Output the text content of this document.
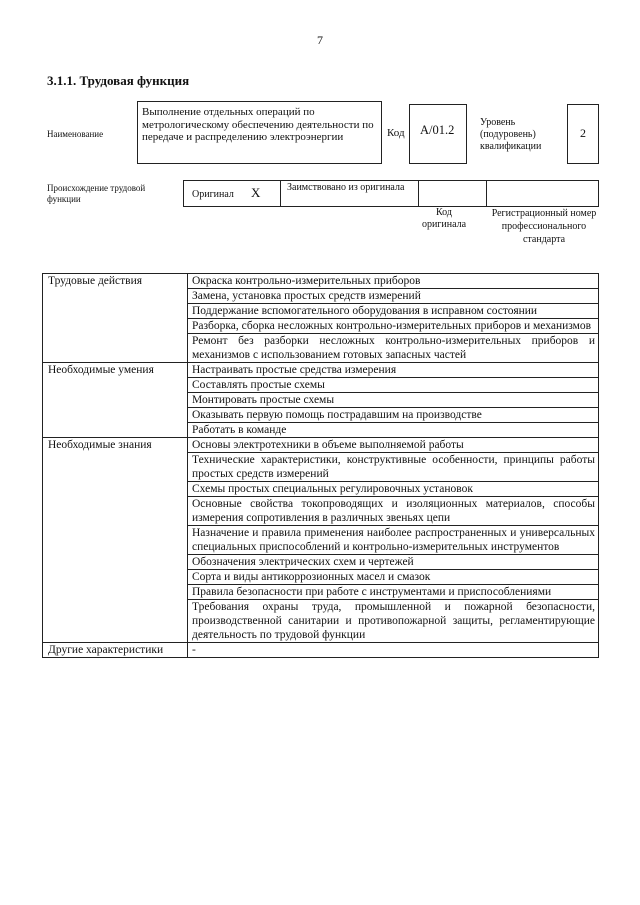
7
3.1.1. Трудовая функция
Наименование
Выполнение отдельных операций по метрологическому обеспечению деятельности по передаче и распределению электроэнергии	Код	A/01.2
Уровень (подуровень) квалификации
2
Происхождение трудовой функции	Оригинал X	Заимствовано из оригинала
Код оригинала
Регистрационный номер профессионального стандарта
Трудовые действия	Окраска контрольно-измерительных приборов
	Замена, установка простых средств измерений
	Поддержание вспомогательного оборудования в исправном состоянии
	Разборка, сборка несложных контрольно-измерительных приборов и механизмов
	Ремонт без разборки несложных контрольно-измерительных приборов и механизмов с использованием готовых запасных частей
Необходимые умения	Настраивать простые средства измерения
	Составлять простые схемы
	Монтировать простые схемы
	Оказывать первую помощь пострадавшим на производстве
	Работать в команде
Необходимые знания	Основы электротехники в объеме выполняемой работы
	Технические характеристики, конструктивные особенности, принципы работы простых средств измерений
	Схемы простых специальных регулировочных установок
	Основные свойства токопроводящих и изоляционных материалов, способы измерения сопротивления в различных звеньях цепи
	Назначение и правила применения наиболее распространенных и универсальных специальных приспособлений и контрольно-измерительных инструментов
	Обозначения электрических схем и чертежей
	Сорта и виды антикоррозионных масел и смазок
	Правила безопасности при работе с инструментами и приспособлениями
	Требования охраны труда, промышленной и пожарной безопасности, производственной санитарии и противопожарной защиты, регламентирующие деятельность по трудовой функции
Другие характеристики	-
